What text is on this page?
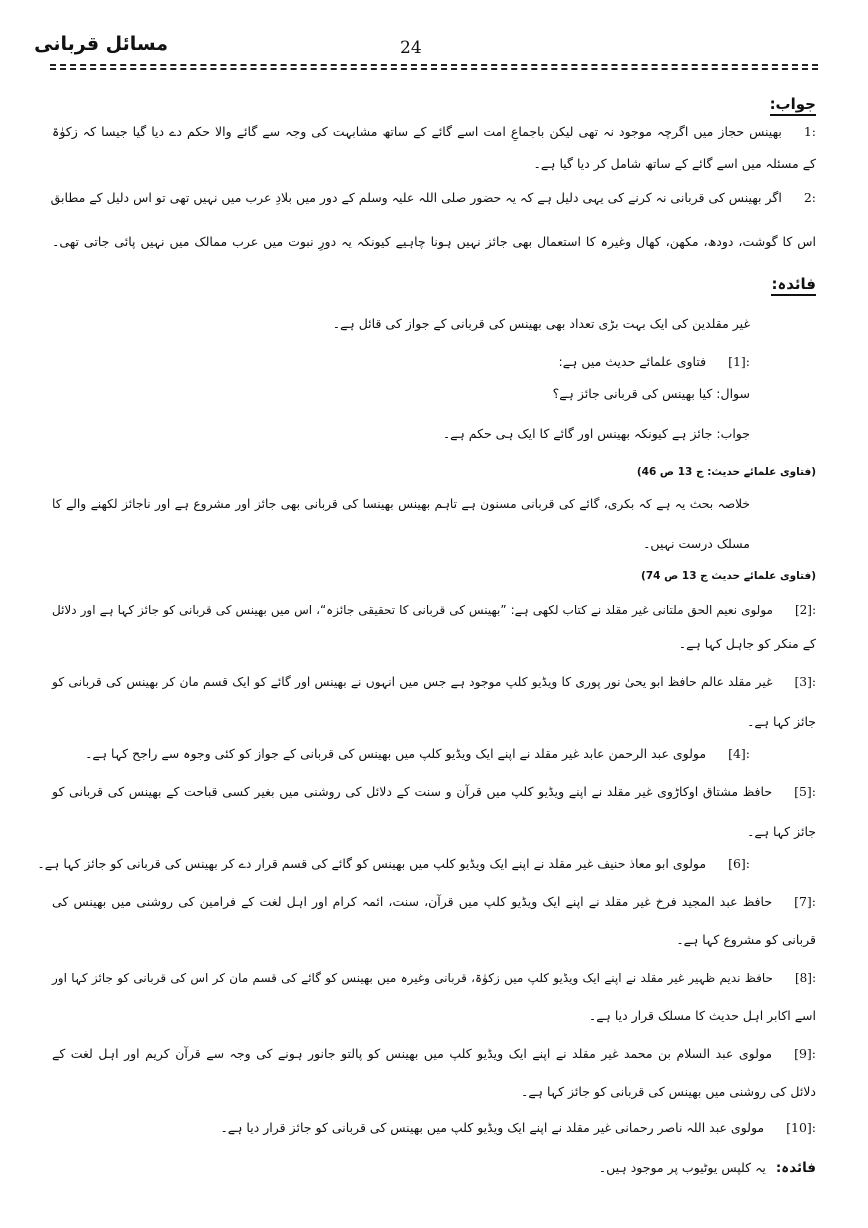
مسائل قربانی	24
جواب:
1:بھینس حجاز میں اگرچہ موجود نہ تھی لیکن باجماعِ امت اسے گائے کے ساتھ مشابہت کی وجہ سے گائے والا حکم دے دیا گیا جیسا کہ زکوٰۃ
کے مسئلہ میں اسے گائے کے ساتھ شامل کر دیا گیا ہے۔
2:اگر بھینس کی قربانی نہ کرنے کی یہی دلیل ہے کہ یہ حضور صلی اللہ علیہ وسلم کے دور میں بلادِ عرب میں نہیں تھی تو اس دلیل کے مطابق
اس کا گوشت، دودھ، مکھن، کھال وغیرہ کا استعمال بھی جائز نہیں ہونا چاہیے کیونکہ یہ دورِ نبوت میں عرب ممالک میں نہیں پائی جاتی تھی۔
فائدہ:
غیر مقلدین کی ایک بہت بڑی تعداد بھی بھینس کی قربانی کے جواز کی قائل ہے۔
[1]:فتاوی علمائے حدیث میں ہے:
سوال: کیا بھینس کی قربانی جائز ہے؟
جواب: جائز ہے کیونکہ بھینس اور گائے کا ایک ہی حکم ہے۔
(فتاوی علمائے حدیث: ج 13 ص 46)
خلاصہ بحث یہ ہے کہ بکری، گائے کی قربانی مسنون ہے تاہم بھینس بھینسا کی قربانی بھی جائز اور مشروع ہے اور ناجائز لکھنے والے کا
مسلک درست نہیں۔
(فتاوی علمائے حدیث ج 13 ص 74)
[2]:مولوی نعیم الحق ملتانی غیر مقلد نے کتاب لکھی ہے: ”بھینس کی قربانی کا تحقیقی جائزہ“، اس میں بھینس کی قربانی کو جائز کہا ہے اور دلائل
کے منکر کو جاہل کہا ہے۔
[3]:غیر مقلد عالم حافظ ابو یحیٰ نور پوری کا ویڈیو کلپ موجود ہے جس میں انہوں نے بھینس اور گائے کو ایک قسم مان کر بھینس کی قربانی کو
جائز کہا ہے۔
[4]:مولوی عبد الرحمن عابد غیر مقلد نے اپنے ایک ویڈیو کلپ میں بھینس کی قربانی کے جواز کو کئی وجوہ سے راجح کہا ہے۔
[5]:حافظ مشتاق اوکاڑوی غیر مقلد نے اپنے ویڈیو کلپ میں قرآن و سنت کے دلائل کی روشنی میں بغیر کسی قباحت کے بھینس کی قربانی کو
جائز کہا ہے۔
[6]:مولوی ابو معاذ حنیف غیر مقلد نے اپنے ایک ویڈیو کلپ میں بھینس کو گائے کی قسم قرار دے کر بھینس کی قربانی کو جائز کہا ہے۔
[7]:حافظ عبد المجید فرخ غیر مقلد نے اپنے ایک ویڈیو کلپ میں قرآن، سنت، ائمہ کرام اور اہل لغت کے فرامین کی روشنی میں بھینس کی
قربانی کو مشروع کہا ہے۔
[8]:حافظ ندیم ظہیر غیر مقلد نے اپنے ایک ویڈیو کلپ میں زکوٰۃ، قربانی وغیرہ میں بھینس کو گائے کی قسم مان کر اس کی قربانی کو جائز کہا اور
اسے اکابر اہل حدیث کا مسلک قرار دیا ہے۔
[9]:مولوی عبد السلام بن محمد غیر مقلد نے اپنے ایک ویڈیو کلپ میں بھینس کو پالتو جانور ہونے کی وجہ سے قرآن کریم اور اہل لغت کے
دلائل کی روشنی میں بھینس کی قربانی کو جائز کہا ہے۔
[10]:مولوی عبد اللہ ناصر رحمانی غیر مقلد نے اپنے ایک ویڈیو کلپ میں بھینس کی قربانی کو جائز قرار دیا ہے۔
فائدہ:یہ کلپس یوٹیوب پر موجود ہیں۔
